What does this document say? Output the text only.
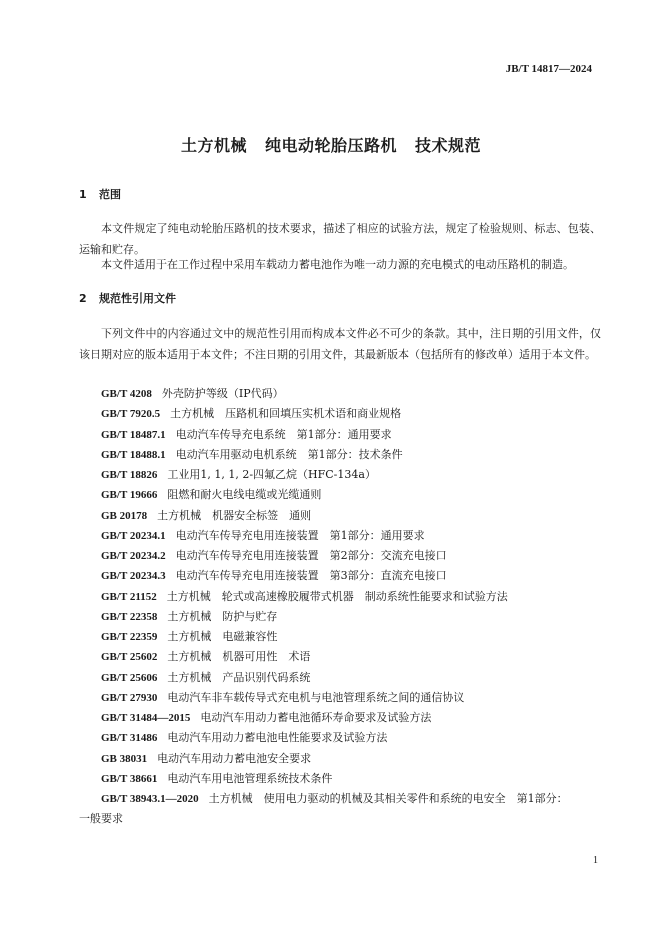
JB/T 14817—2024
土方机械 纯电动轮胎压路机 技术规范
1 范围

本文件规定了纯电动轮胎压路机的技术要求，描述了相应的试验方法，规定了检验规则、标志、包装、运输和贮存。

本文件适用于在工作过程中采用车载动力蓄电池作为唯一动力源的充电模式的电动压路机的制造。

2 规范性引用文件

下列文件中的内容通过文中的规范性引用而构成本文件必不可少的条款。其中，注日期的引用文件，仅该日期对应的版本适用于本文件；不注日期的引用文件，其最新版本（包括所有的修改单）适用于本文件。

GB/T 4208 外壳防护等级（IP代码）
GB/T 7920.5 土方机械　压路机和回填压实机术语和商业规格
GB/T 18487.1 电动汽车传导充电系统　第1部分：通用要求
GB/T 18488.1 电动汽车用驱动电机系统　第1部分：技术条件
GB/T 18826 工业用1, 1, 1, 2-四氟乙烷（HFC-134a）
GB/T 19666 阻燃和耐火电线电缆或光缆通则
GB 20178 土方机械　机器安全标签　通则
GB/T 20234.1 电动汽车传导充电用连接装置　第1部分：通用要求
GB/T 20234.2 电动汽车传导充电用连接装置　第2部分：交流充电接口
GB/T 20234.3 电动汽车传导充电用连接装置　第3部分：直流充电接口
GB/T 21152 土方机械　轮式或高速橡胶履带式机器　制动系统性能要求和试验方法
GB/T 22358 土方机械　防护与贮存
GB/T 22359 土方机械　电磁兼容性
GB/T 25602 土方机械　机器可用性　术语
GB/T 25606 土方机械　产品识别代码系统
GB/T 27930 电动汽车非车载传导式充电机与电池管理系统之间的通信协议
GB/T 31484—2015 电动汽车用动力蓄电池循环寿命要求及试验方法
GB/T 31486 电动汽车用动力蓄电池电性能要求及试验方法
GB 38031 电动汽车用动力蓄电池安全要求
GB/T 38661 电动汽车用电池管理系统技术条件
GB/T 38943.1—2020 土方机械　使用电力驱动的机械及其相关零件和系统的电安全　第1部分：
一般要求
1
